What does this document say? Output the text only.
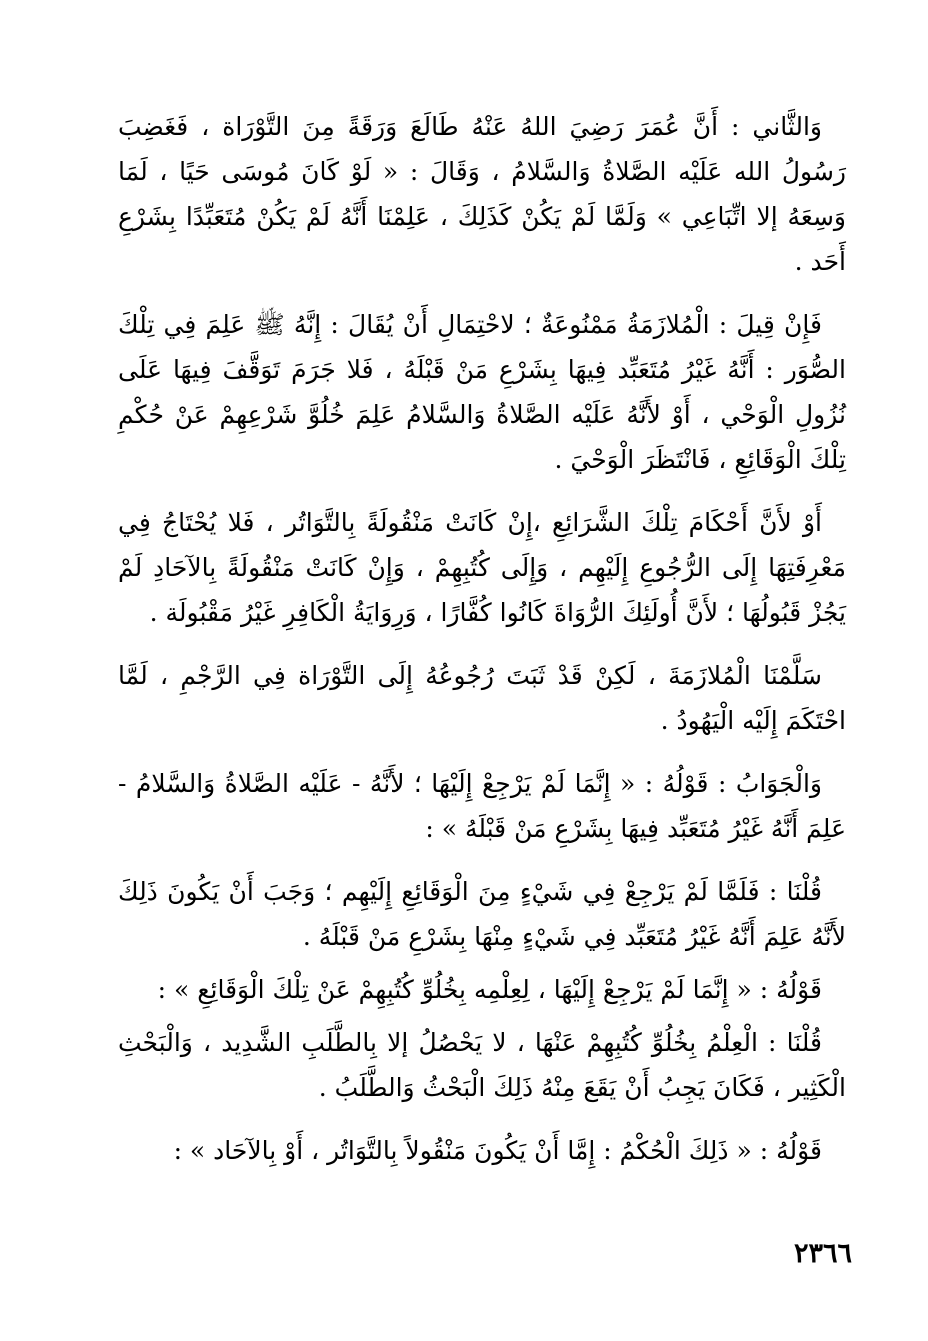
وَالثَّاني : أَنَّ عُمَرَ رَضِيَ اللهُ عَنْهُ طَالَعَ وَرَقَةً مِنَ التَّوْرَاة ، فَغَضِبَ رَسُولُ الله عَلَيْه الصَّلاةُ وَالسَّلامُ ، وَقَالَ : « لَوْ كَانَ مُوسَى حَيًا ، لَمَا وَسِعَهُ إلا اتِّبَاعِي » وَلَمَّا لَمْ يَكُنْ كَذَلِكَ ، عَلِمْنَا أَنَّهُ لَمْ يَكُنْ مُتَعَبِّدًا بِشَرْعِ أَحَد .

فَإِنْ قِيلَ : الْمُلازَمَةُ مَمْنُوعَةٌ ؛ لاحْتِمَالِ أَنْ يُقَالَ : إِنَّهُ ﷺ عَلِمَ فِي تِلْكَ الصُّوَر : أَنَّهُ غَيْرُ مُتَعَبِّد فِيهَا بِشَرْعِ مَنْ قَبْلَهُ ، فَلا جَرَمَ تَوَقَّفَ فِيهَا عَلَى نُزُولِ الْوَحْي ، أَوْ لأَنَّهُ عَلَيْه الصَّلاةُ وَالسَّلامُ عَلِمَ خُلُوَّ شَرْعِهِمْ عَنْ حُكْمِ تِلْكَ الْوَقَائِعِ ، فَانْتَظَرَ الْوَحْيَ .

أَوْ لأَنَّ أَحْكَامَ تِلْكَ الشَّرَائِعِ ،إِنْ كَانَتْ مَنْقُولَةً بِالتَّوَاتُر ، فَلا يُحْتَاجُ فِي مَعْرِفَتِهَا إِلَى الرُّجُوعِ إِلَيْهِم ، وَإِلَى كُتُبِهِمْ ، وَإِنْ كَانَتْ مَنْقُولَةً بِالآحَادِ لَمْ يَجُزْ قَبُولُهَا ؛ لأَنَّ أُولَئِكَ الرُّوَاةَ كَانُوا كُفَّارًا ، وَرِوَايَةُ الْكَافِرِ غَيْرُ مَقْبُولَة .

سَلَّمْنَا الْمُلازَمَةَ ، لَكِنْ قَدْ ثَبَتَ رُجُوعُهُ إِلَى التَّوْرَاة فِي الرَّجْمِ ، لَمَّا احْتَكَمَ إِلَيْه الْيَهُودُ .

وَالْجَوَابُ : قَوْلُهُ : « إِنَّمَا لَمْ يَرْجِعْ إِلَيْهَا ؛ لأَنَّهُ - عَلَيْه الصَّلاةُ وَالسَّلامُ - عَلِمَ أَنَّهُ غَيْرُ مُتَعَبِّد فِيهَا بِشَرْعِ مَنْ قَبْلَهُ » :

قُلْنَا : فَلَمَّا لَمْ يَرْجِعْ فِي شَيْءٍ مِنَ الْوَقَائِعِ إِلَيْهِم ؛ وَجَبَ أَنْ يَكُونَ ذَلِكَ لأَنَّهُ عَلِمَ أَنَّهُ غَيْرُ مُتَعَبِّد فِي شَيْءٍ مِنْهَا بِشَرْعِ مَنْ قَبْلَهُ .

قَوْلُهُ : « إِنَّمَا لَمْ يَرْجِعْ إِلَيْهَا ، لِعِلْمِه بِخُلُوِّ كُتُبِهِمْ عَنْ تِلْكَ الْوَقَائِعِ » :

قُلْنَا : الْعِلْمُ بِخُلُوِّ كُتُبِهِمْ عَنْهَا ، لا يَحْصُلُ إلا بِالطَّلَبِ الشَّدِيد ، وَالْبَحْثِ الْكَثِير ، فَكَانَ يَجِبُ أَنْ يَقَعَ مِنْهُ ذَلِكَ الْبَحْثُ وَالطَّلَبُ .

قَوْلُهُ : « ذَلِكَ الْحُكْمُ : إِمَّا أَنْ يَكُونَ مَنْقُولاً بِالتَّوَاتُر ، أَوْ بِالآحَاد » :

٢٣٦٦
